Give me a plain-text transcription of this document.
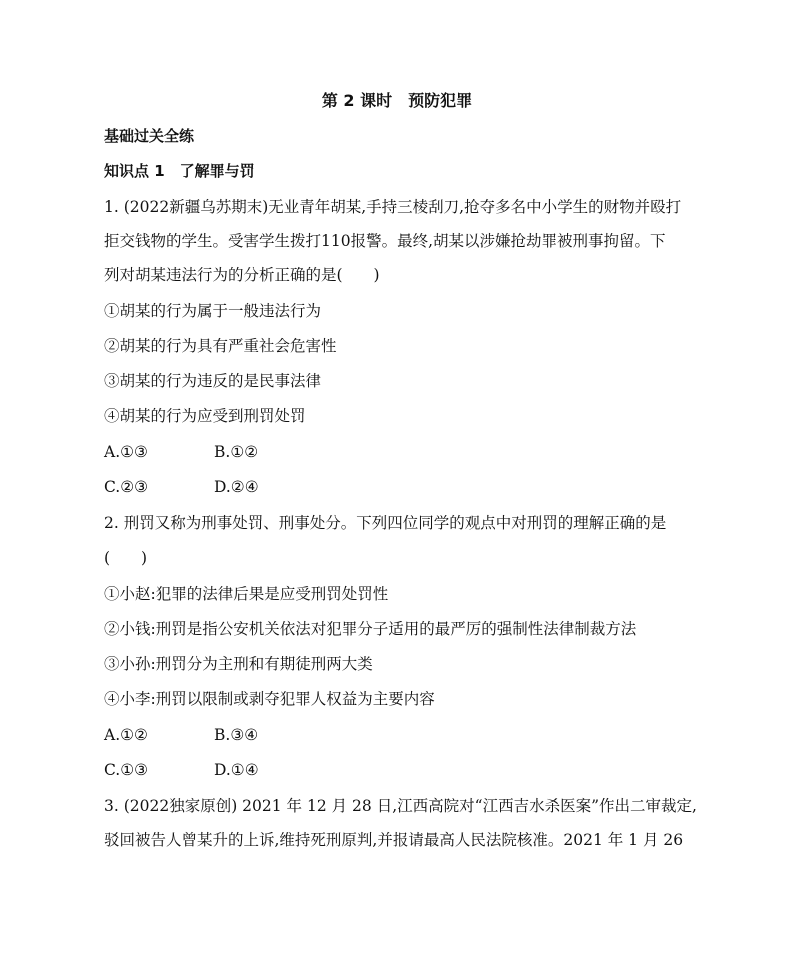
第 2 课时　预防犯罪
基础过关全练
知识点 1　了解罪与罚
1. (2022新疆乌苏期末)无业青年胡某,手持三棱刮刀,抢夺多名中小学生的财物并殴打
拒交钱物的学生。受害学生拨打110报警。最终,胡某以涉嫌抢劫罪被刑事拘留。下
列对胡某违法行为的分析正确的是(　　)
①胡某的行为属于一般违法行为
②胡某的行为具有严重社会危害性
③胡某的行为违反的是民事法律
④胡某的行为应受到刑罚处罚
A.①③	B.①②
C.②③	D.②④
2. 刑罚又称为刑事处罚、刑事处分。下列四位同学的观点中对刑罚的理解正确的是
(　　)
①小赵:犯罪的法律后果是应受刑罚处罚性
②小钱:刑罚是指公安机关依法对犯罪分子适用的最严厉的强制性法律制裁方法
③小孙:刑罚分为主刑和有期徒刑两大类
④小李:刑罚以限制或剥夺犯罪人权益为主要内容
A.①②	B.③④
C.①③	D.①④
3. (2022独家原创) 2021 年 12 月 28 日,江西高院对“江西吉水杀医案”作出二审裁定,
驳回被告人曾某升的上诉,维持死刑原判,并报请最高人民法院核准。2021 年 1 月 26
